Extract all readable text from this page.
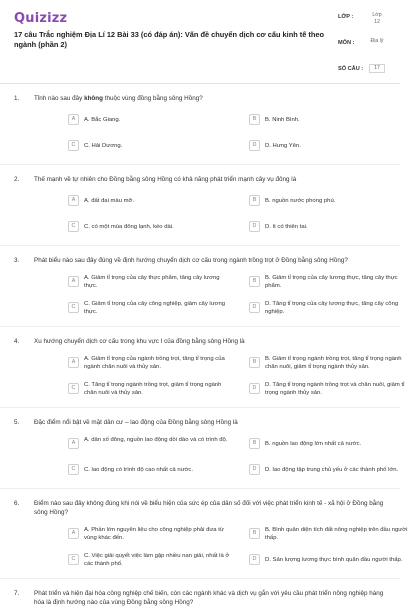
Quizizz
17 câu Trắc nghiệm Địa Lí 12 Bài 33 (có đáp án): Vấn đề chuyển dịch cơ cấu kinh tế theo ngành (phần 2)
LỚP :	Lớp 12
MÔN :	Địa lý
SỐ CÂU :	17
1. Tỉnh nào sau đây không thuộc vùng đồng bằng sông Hồng?
A	A. Bắc Giang.	B	B. Ninh Bình.
C	C. Hải Dương.	D	D. Hưng Yên.
2. Thế mạnh về tự nhiên cho Đồng bằng sông Hồng có khả năng phát triển mạnh cây vụ đông là
A	A. đất đai màu mỡ.	B	B. nguồn nước phong phú.
C	C. có một mùa đông lạnh, kéo dài.	D	D. ít có thiên tai.
3. Phát biểu nào sau đây đúng về định hướng chuyển dịch cơ cấu trong ngành trồng trọt ở Đồng bằng sông Hồng?
A	A. Giảm tỉ trọng của cây thực phẩm, tăng cây lương thực.
B	B. Giảm tỉ trọng của cây lương thực, tăng cây thực phẩm.
C	C. Giảm tỉ trọng của cây công nghiệp, giảm cây lương thực.
D	D. Tăng tỉ trọng của cây lương thực, tăng cây công nghiệp.
4. Xu hướng chuyển dịch cơ cấu trong khu vực I của đồng bằng sông Hồng là
A	A. Giảm tỉ trọng của ngành trồng trọt, tăng tỉ trọng của ngành chăn nuôi và thủy sản.
B	B. Giảm tỉ trọng ngành trồng trọt, tăng tỉ trọng ngành chăn nuôi, giảm tỉ trọng ngành thủy sản.
C	C. Tăng tỉ trọng ngành trồng trọt, giảm tỉ trọng ngành chăn nuôi và thủy sản.
D	D. Tăng tỉ trọng ngành trồng trọt và chăn nuôi, giảm tỉ trọng ngành thủy sản.
5. Đặc điểm nổi bật về mặt dân cư – lao động của Đồng bằng sông Hồng là
A	A. dân số đông, nguồn lao động dồi dào và có trình độ.	B	B. nguồn lao động lớn nhất cả nước.
C	C. lao động có trình độ cao nhất cả nước.	D	D. lao động tập trung chủ yếu ở các thành phố lớn.
6. Điểm nào sau đây không đúng khi nói về biểu hiện của sức ép của dân số đối với việc phát triển kinh tế - xã hội ở Đồng bằng sông Hồng?
A	A. Phần lớn nguyên liệu cho công nghiệp phải đưa từ vùng khác đến.
B	B. Bình quân diện tích đất nông nghiệp trên đầu người thấp.
C	C. Việc giải quyết việc làm gặp nhiều nan giải, nhất là ở các thành phố.
D	D. Sản lượng lương thực bình quân đầu người thấp.
7. Phát triển và hiện đại hóa công nghiệp chế biến, còn các ngành khác và dịch vụ gắn với yêu cầu phát triển nông nghiệp hàng hóa là định hướng nào của vùng Đồng bằng sông Hồng?
